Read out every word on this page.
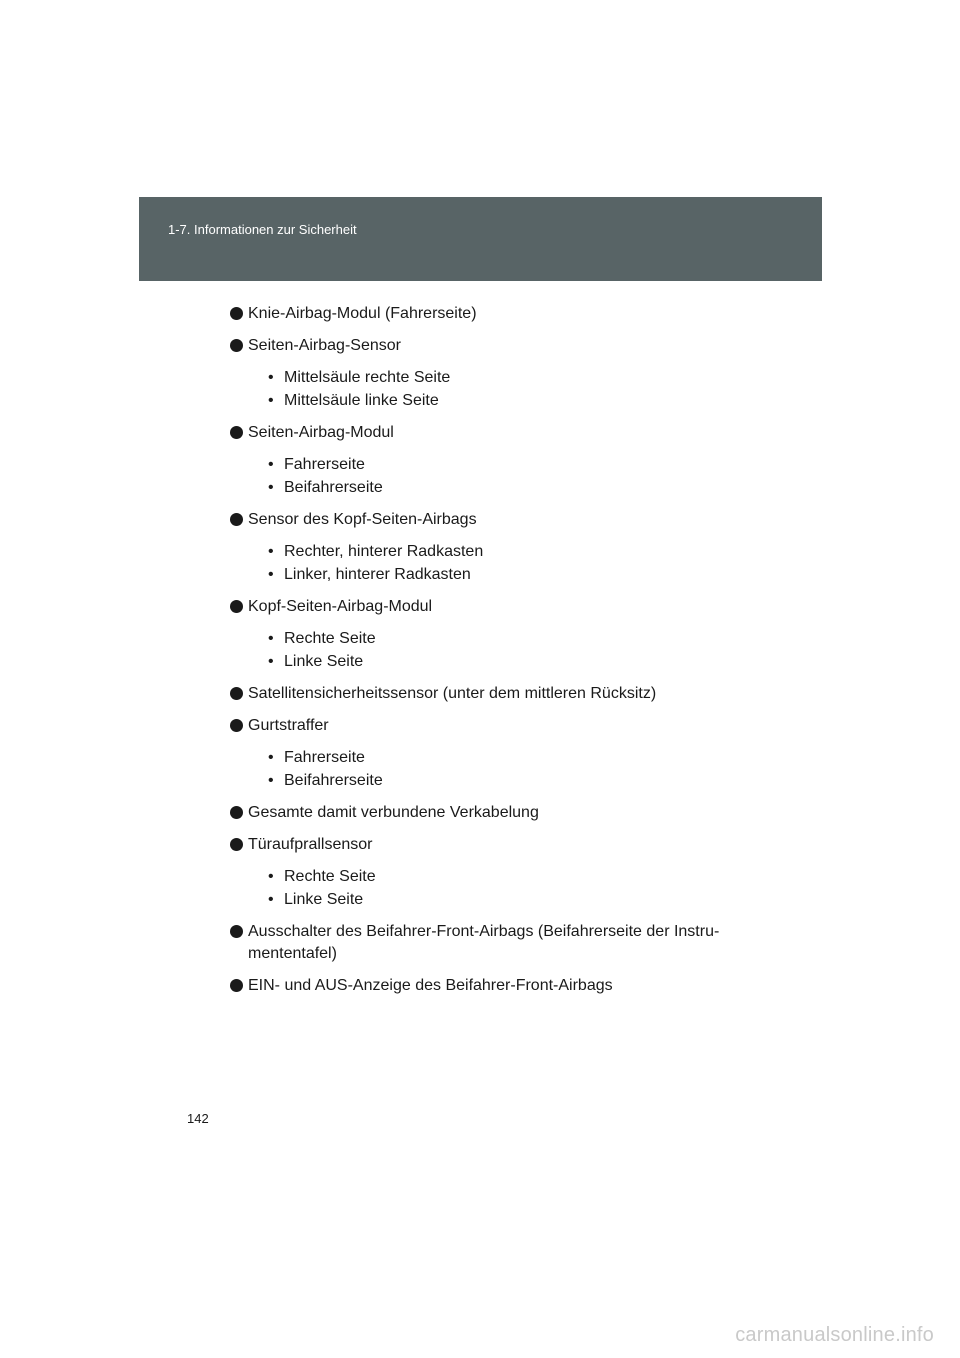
1-7. Informationen zur Sicherheit
Knie-Airbag-Modul (Fahrerseite)
Seiten-Airbag-Sensor
• Mittelsäule rechte Seite
• Mittelsäule linke Seite
Seiten-Airbag-Modul
• Fahrerseite
• Beifahrerseite
Sensor des Kopf-Seiten-Airbags
• Rechter, hinterer Radkasten
• Linker, hinterer Radkasten
Kopf-Seiten-Airbag-Modul
• Rechte Seite
• Linke Seite
Satellitensicherheitssensor (unter dem mittleren Rücksitz)
Gurtstraffer
• Fahrerseite
• Beifahrerseite
Gesamte damit verbundene Verkabelung
Türaufprallsensor
• Rechte Seite
• Linke Seite
Ausschalter des Beifahrer-Front-Airbags (Beifahrerseite der Instru-mententafel)
EIN- und AUS-Anzeige des Beifahrer-Front-Airbags
142
carmanualsonline.info
